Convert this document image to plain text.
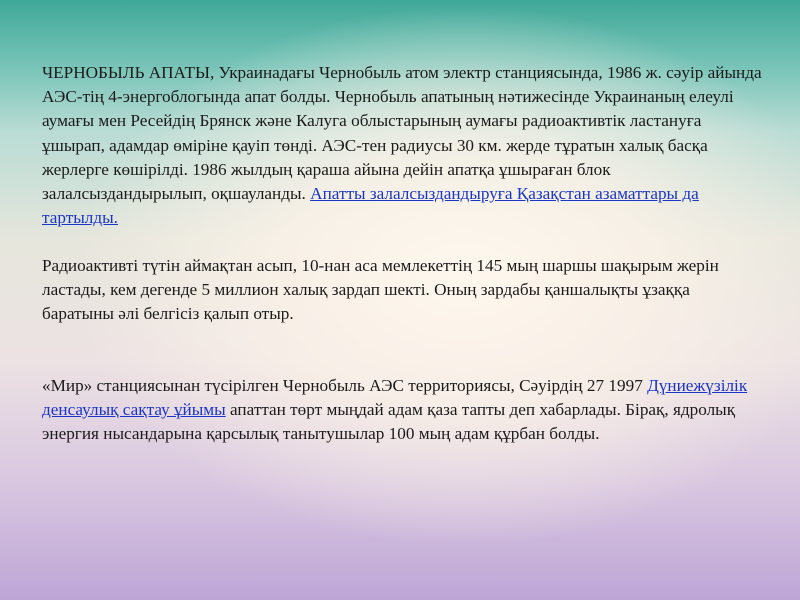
ЧЕРНОБЫЛЬ АПАТЫ, Украинадағы Чернобыль атом электр станциясында, 1986 ж. сәуір айында АЭС-тің 4-энергоблогында апат болды. Чернобыль апатының нәтижесінде Украинаның елеулі аумағы мен Ресейдің Брянск және Калуга облыстарының аумағы радиоактивтік ластануға ұшырап, адамдар өміріне қауіп төнді. АЭС-тен радиусы 30 км. жерде тұратын халық басқа жерлерге көшірілді. 1986 жылдың қараша айына дейін апатқа ұшыраған блок залалсыздандырылып, оқшауланды. Апатты залалсыздандыруға Қазақстан азаматтары да тартылды.

Радиоактивті түтін аймақтан асып, 10-нан аса мемлекеттің 145 мың шаршы шақырым жерін ластады, кем дегенде 5 миллион халық зардап шекті. Оның зардабы қаншалықты ұзаққа баратыны әлі белгісіз қалып отыр.

«Мир» станциясынан түсірілген Чернобыль АЭС территориясы, Сәуірдің 27 1997 Дүниежүзілік денсаулық сақтау ұйымы апаттан төрт мыңдай адам қаза тапты деп хабарлады. Бірақ, ядролық энергия нысандарына қарсылық танытушылар 100 мың адам құрбан болды.
